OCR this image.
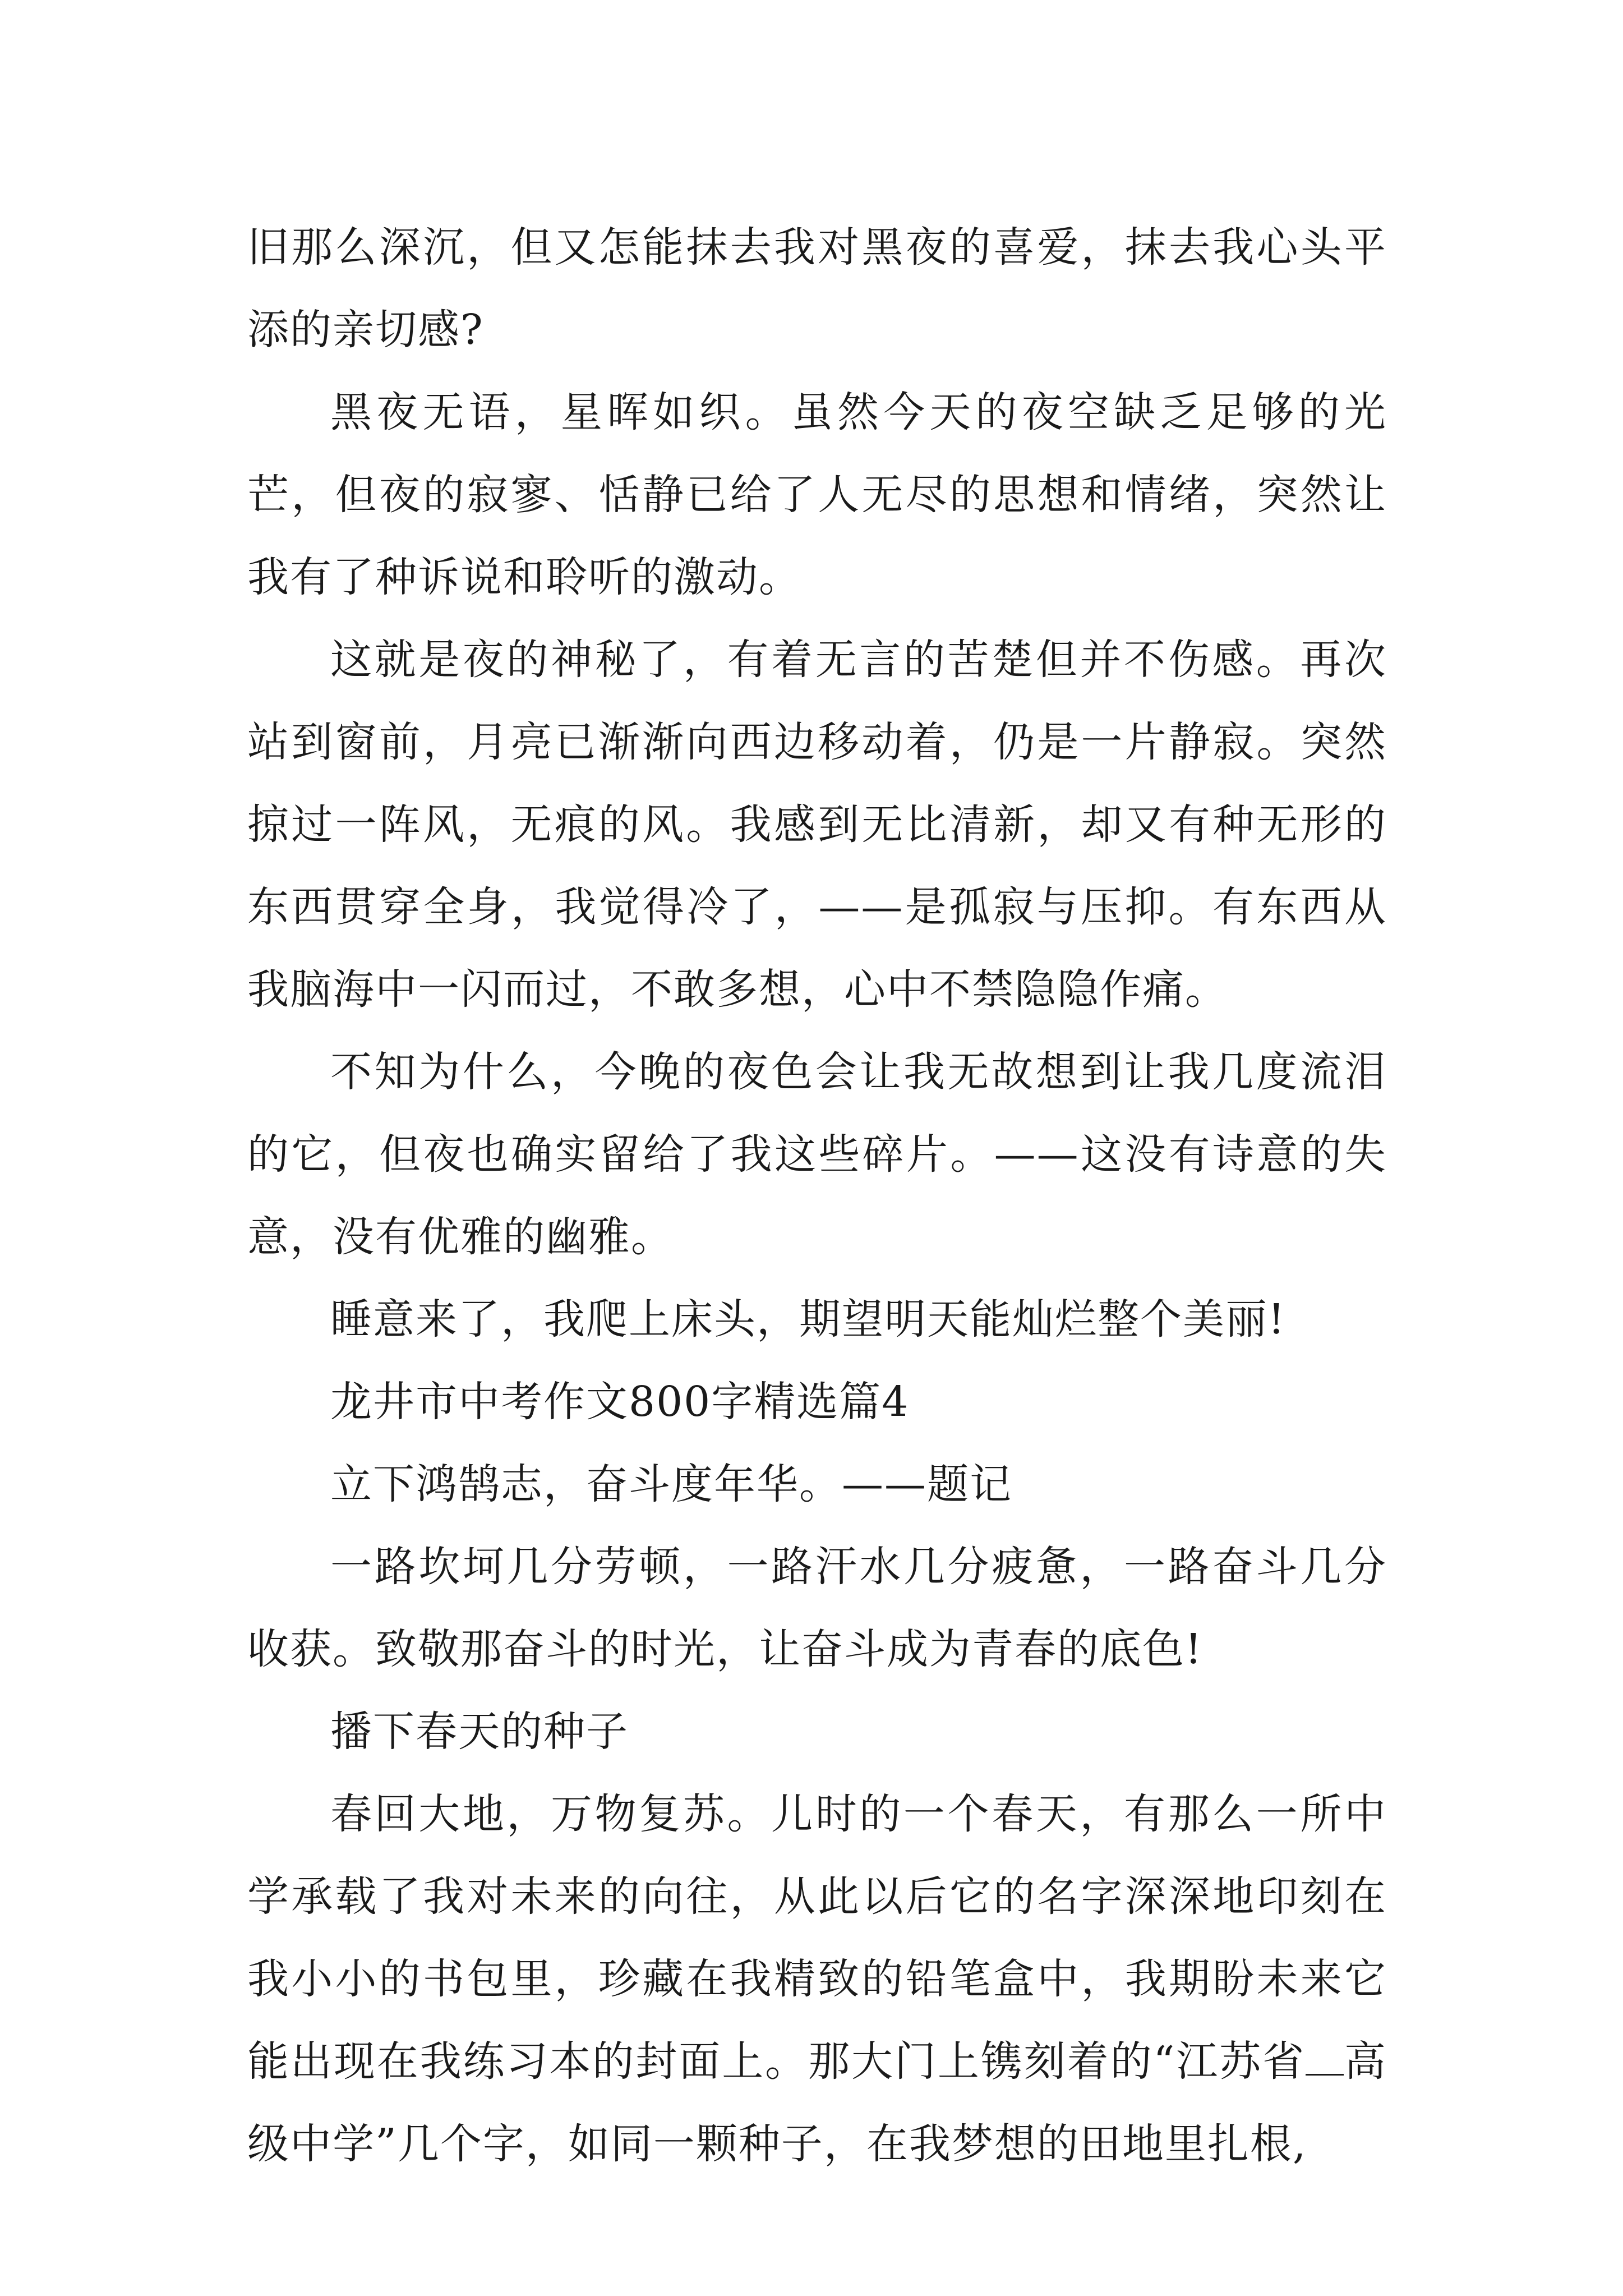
旧那么深沉，但又怎能抹去我对黑夜的喜爱，抹去我心头平添的亲切感?

黑夜无语，星晖如织。虽然今天的夜空缺乏足够的光芒，但夜的寂寥、恬静已给了人无尽的思想和情绪，突然让我有了种诉说和聆听的激动。

这就是夜的神秘了，有着无言的苦楚但并不伤感。再次站到窗前，月亮已渐渐向西边移动着，仍是一片静寂。突然掠过一阵风，无痕的风。我感到无比清新，却又有种无形的东西贯穿全身，我觉得冷了，——是孤寂与压抑。有东西从我脑海中一闪而过，不敢多想，心中不禁隐隐作痛。

不知为什么，今晚的夜色会让我无故想到让我几度流泪的它，但夜也确实留给了我这些碎片。——这没有诗意的失意，没有优雅的幽雅。

睡意来了，我爬上床头，期望明天能灿烂整个美丽!

龙井市中考作文800字精选篇4

立下鸿鹄志，奋斗度年华。——题记

一路坎坷几分劳顿，一路汗水几分疲惫，一路奋斗几分收获。致敬那奋斗的时光，让奋斗成为青春的底色!

播下春天的种子

春回大地，万物复苏。儿时的一个春天，有那么一所中学承载了我对未来的向往，从此以后它的名字深深地印刻在我小小的书包里，珍藏在我精致的铅笔盒中，我期盼未来它能出现在我练习本的封面上。那大门上镌刻着的“江苏省 高级中学”几个字，如同一颗种子，在我梦想的田地里扎根,
